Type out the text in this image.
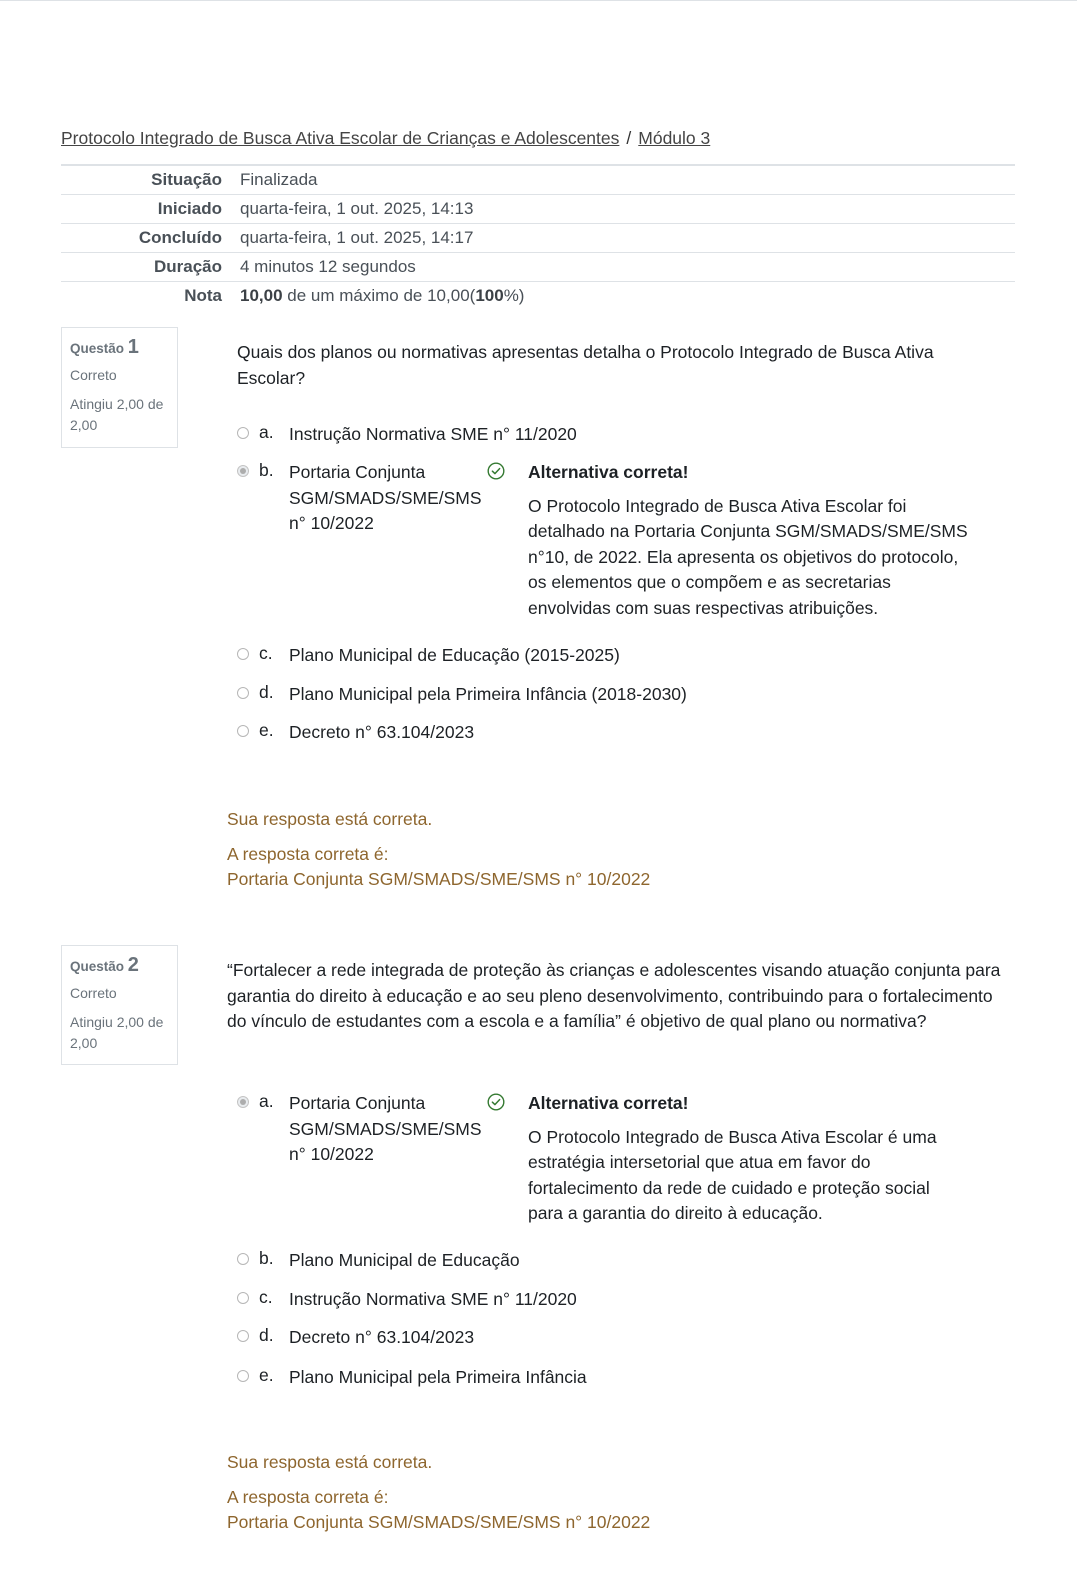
Protocolo Integrado de Busca Ativa Escolar de Crianças e Adolescentes / Módulo 3
Situação Finalizada
Iniciado quarta-feira, 1 out. 2025, 14:13
Concluído quarta-feira, 1 out. 2025, 14:17
Duração 4 minutos 12 segundos
Nota 10,00 de um máximo de 10,00(100%)
Questão 1
Correto
Atingiu 2,00 de 2,00
Quais dos planos ou normativas apresentas detalha o Protocolo Integrado de Busca Ativa Escolar?
a. Instrução Normativa SME n° 11/2020
b. Portaria Conjunta SGM/SMADS/SME/SMS n° 10/2022
Alternativa correta!
O Protocolo Integrado de Busca Ativa Escolar foi detalhado na Portaria Conjunta SGM/SMADS/SME/SMS n°10, de 2022. Ela apresenta os objetivos do protocolo, os elementos que o compõem e as secretarias envolvidas com suas respectivas atribuições.
c. Plano Municipal de Educação (2015-2025)
d. Plano Municipal pela Primeira Infância (2018-2030)
e. Decreto n° 63.104/2023
Sua resposta está correta.
A resposta correta é:
Portaria Conjunta SGM/SMADS/SME/SMS n° 10/2022
Questão 2
Correto
Atingiu 2,00 de 2,00
“Fortalecer a rede integrada de proteção às crianças e adolescentes visando atuação conjunta para garantia do direito à educação e ao seu pleno desenvolvimento, contribuindo para o fortalecimento do vínculo de estudantes com a escola e a família” é objetivo de qual plano ou normativa?
a. Portaria Conjunta SGM/SMADS/SME/SMS n° 10/2022
Alternativa correta!
O Protocolo Integrado de Busca Ativa Escolar é uma estratégia intersetorial que atua em favor do fortalecimento da rede de cuidado e proteção social para a garantia do direito à educação.
b. Plano Municipal de Educação
c. Instrução Normativa SME n° 11/2020
d. Decreto n° 63.104/2023
e. Plano Municipal pela Primeira Infância
Sua resposta está correta.
A resposta correta é:
Portaria Conjunta SGM/SMADS/SME/SMS n° 10/2022
